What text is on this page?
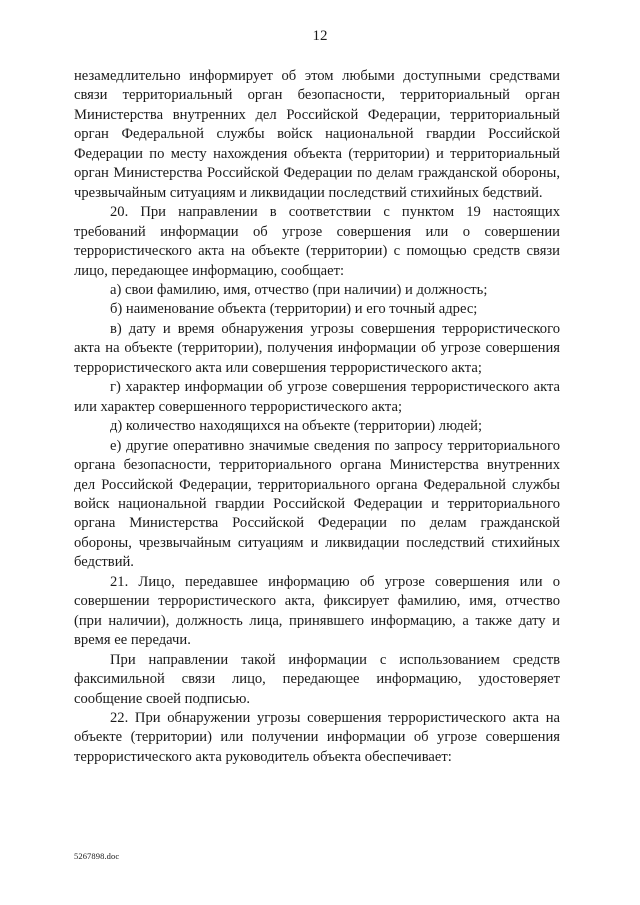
12

незамедлительно информирует об этом любыми доступными средствами связи территориальный орган безопасности, территориальный орган Министерства внутренних дел Российской Федерации, территориальный орган Федеральной службы войск национальной гвардии Российской Федерации по месту нахождения объекта (территории) и территориальный орган Министерства Российской Федерации по делам гражданской обороны, чрезвычайным ситуациям и ликвидации последствий стихийных бедствий.

20. При направлении в соответствии с пунктом 19 настоящих требований информации об угрозе совершения или о совершении террористического акта на объекте (территории) с помощью средств связи лицо, передающее информацию, сообщает:

а) свои фамилию, имя, отчество (при наличии) и должность;

б) наименование объекта (территории) и его точный адрес;

в) дату и время обнаружения угрозы совершения террористического акта на объекте (территории), получения информации об угрозе совершения террористического акта или совершения террористического акта;

г) характер информации об угрозе совершения террористического акта или характер совершенного террористического акта;

д) количество находящихся на объекте (территории) людей;

е) другие оперативно значимые сведения по запросу территориального органа безопасности, территориального органа Министерства внутренних дел Российской Федерации, территориального органа Федеральной службы войск национальной гвардии Российской Федерации и территориального органа Министерства Российской Федерации по делам гражданской обороны, чрезвычайным ситуациям и ликвидации последствий стихийных бедствий.

21. Лицо, передавшее информацию об угрозе совершения или о совершении террористического акта, фиксирует фамилию, имя, отчество (при наличии), должность лица, принявшего информацию, а также дату и время ее передачи.

При направлении такой информации с использованием средств факсимильной связи лицо, передающее информацию, удостоверяет сообщение своей подписью.

22. При обнаружении угрозы совершения террористического акта на объекте (территории) или получении информации об угрозе совершения террористического акта руководитель объекта обеспечивает:

5267898.doc
